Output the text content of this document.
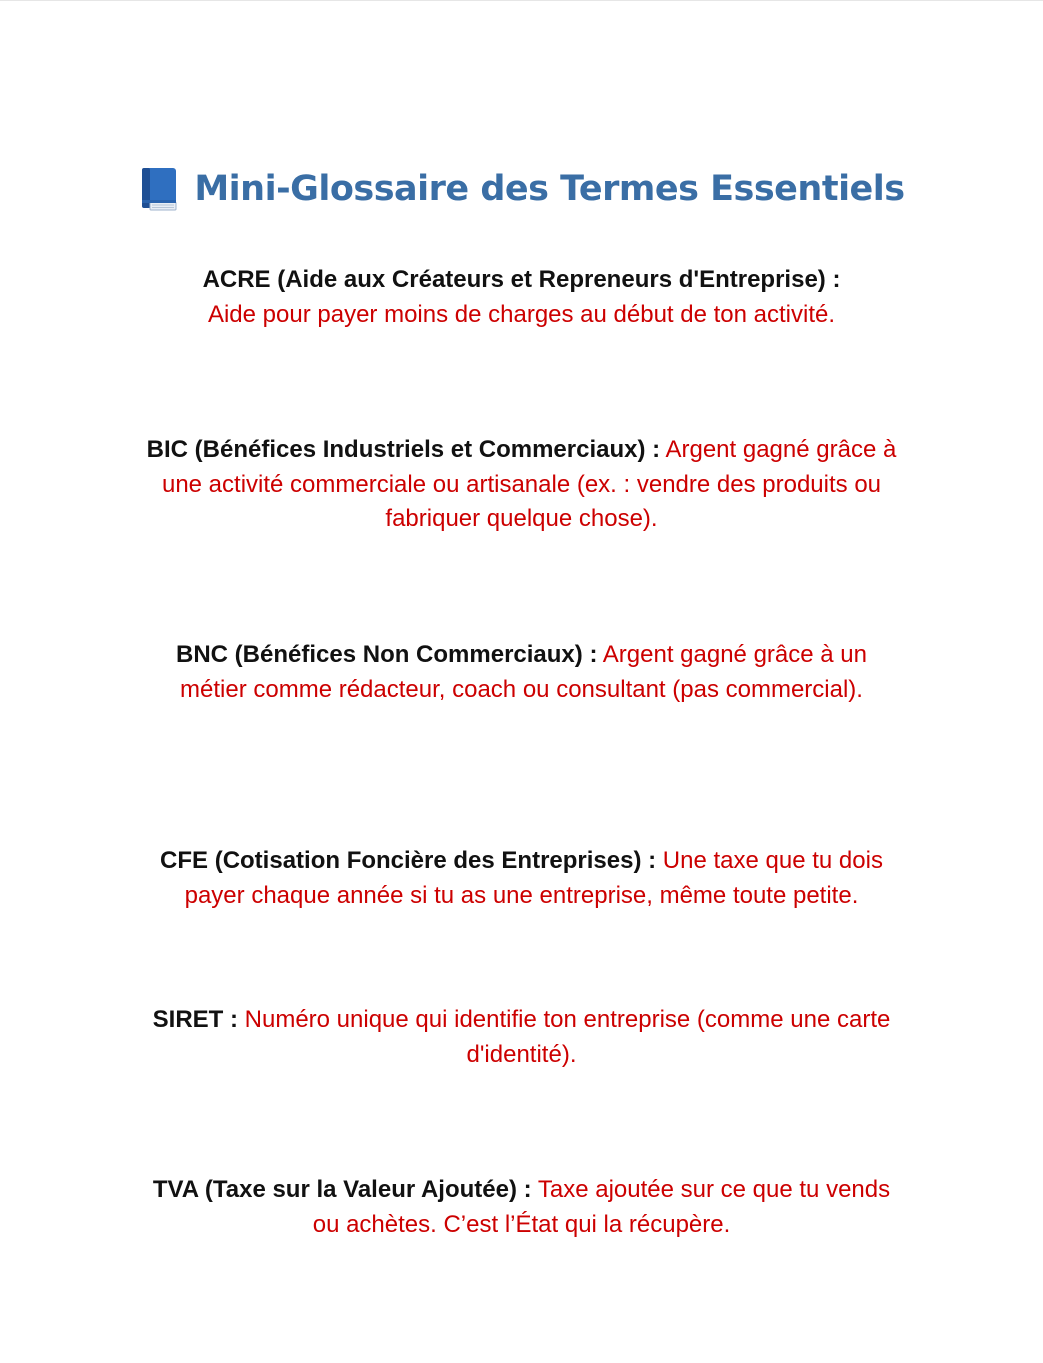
Mini-Glossaire des Termes Essentiels

ACRE (Aide aux Créateurs et Repreneurs d'Entreprise) :
Aide pour payer moins de charges au début de ton activité.

BIC (Bénéfices Industriels et Commerciaux) : Argent gagné grâce à une activité commerciale ou artisanale (ex. : vendre des produits ou fabriquer quelque chose).

BNC (Bénéfices Non Commerciaux) : Argent gagné grâce à un métier comme rédacteur, coach ou consultant (pas commercial).

CFE (Cotisation Foncière des Entreprises) : Une taxe que tu dois payer chaque année si tu as une entreprise, même toute petite.

SIRET : Numéro unique qui identifie ton entreprise (comme une carte d'identité).

TVA (Taxe sur la Valeur Ajoutée) : Taxe ajoutée sur ce que tu vends ou achètes. C’est l’État qui la récupère.
